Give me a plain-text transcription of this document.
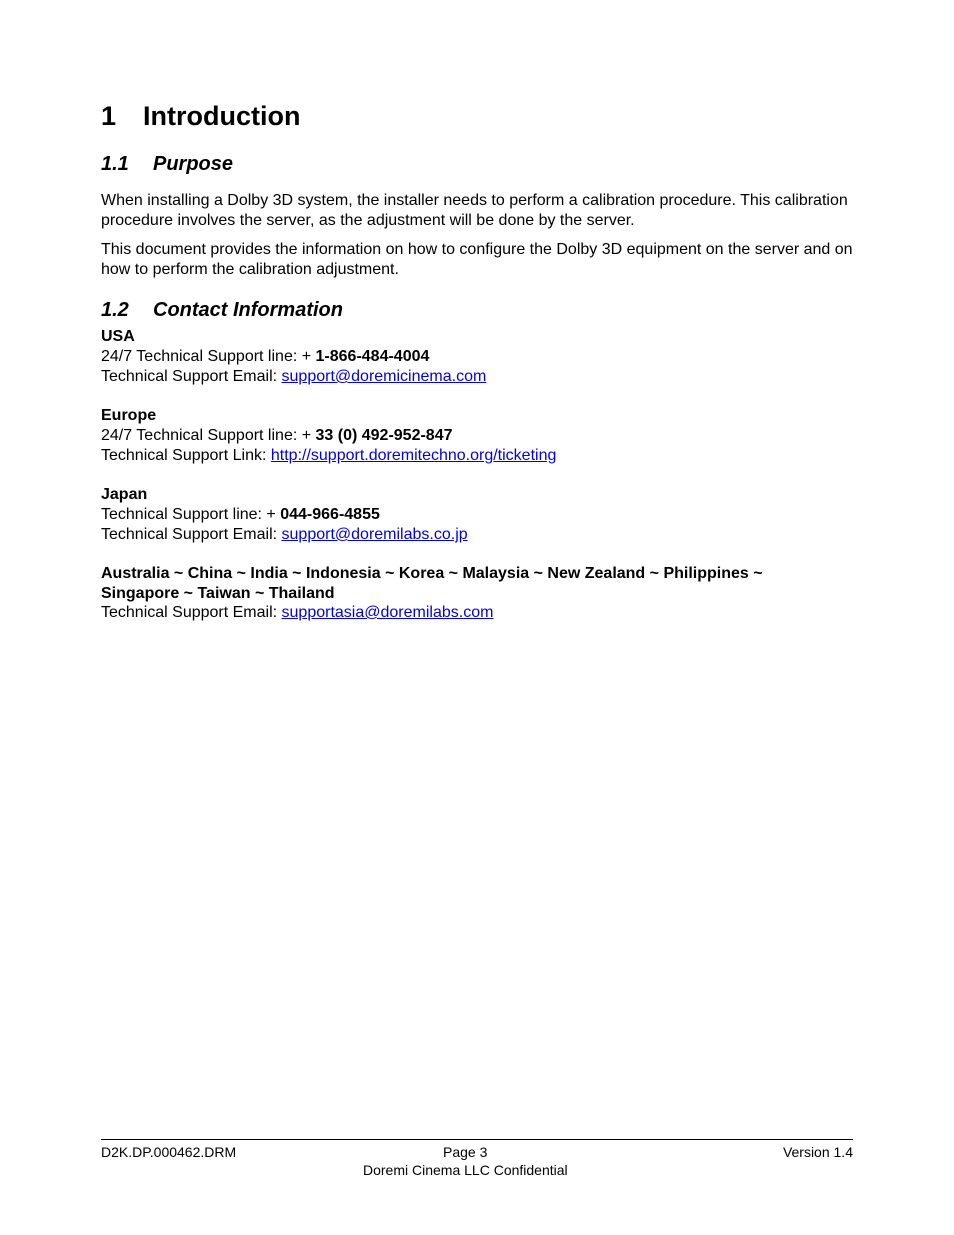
1 Introduction
1.1 Purpose
When installing a Dolby 3D system, the installer needs to perform a calibration procedure. This calibration procedure involves the server, as the adjustment will be done by the server.
This document provides the information on how to configure the Dolby 3D equipment on the server and on how to perform the calibration adjustment.
1.2 Contact Information
USA
24/7 Technical Support line: + 1-866-484-4004
Technical Support Email: support@doremicinema.com
Europe
24/7 Technical Support line: + 33 (0) 492-952-847
Technical Support Link: http://support.doremitechno.org/ticketing
Japan
Technical Support line: + 044-966-4855
Technical Support Email: support@doremilabs.co.jp
Australia ~ China ~ India ~ Indonesia ~ Korea ~ Malaysia ~ New Zealand ~ Philippines ~
Singapore ~ Taiwan ~ Thailand
Technical Support Email: supportasia@doremilabs.com
D2K.DP.000462.DRM	Page 3	Version 1.4
Doremi Cinema LLC Confidential
